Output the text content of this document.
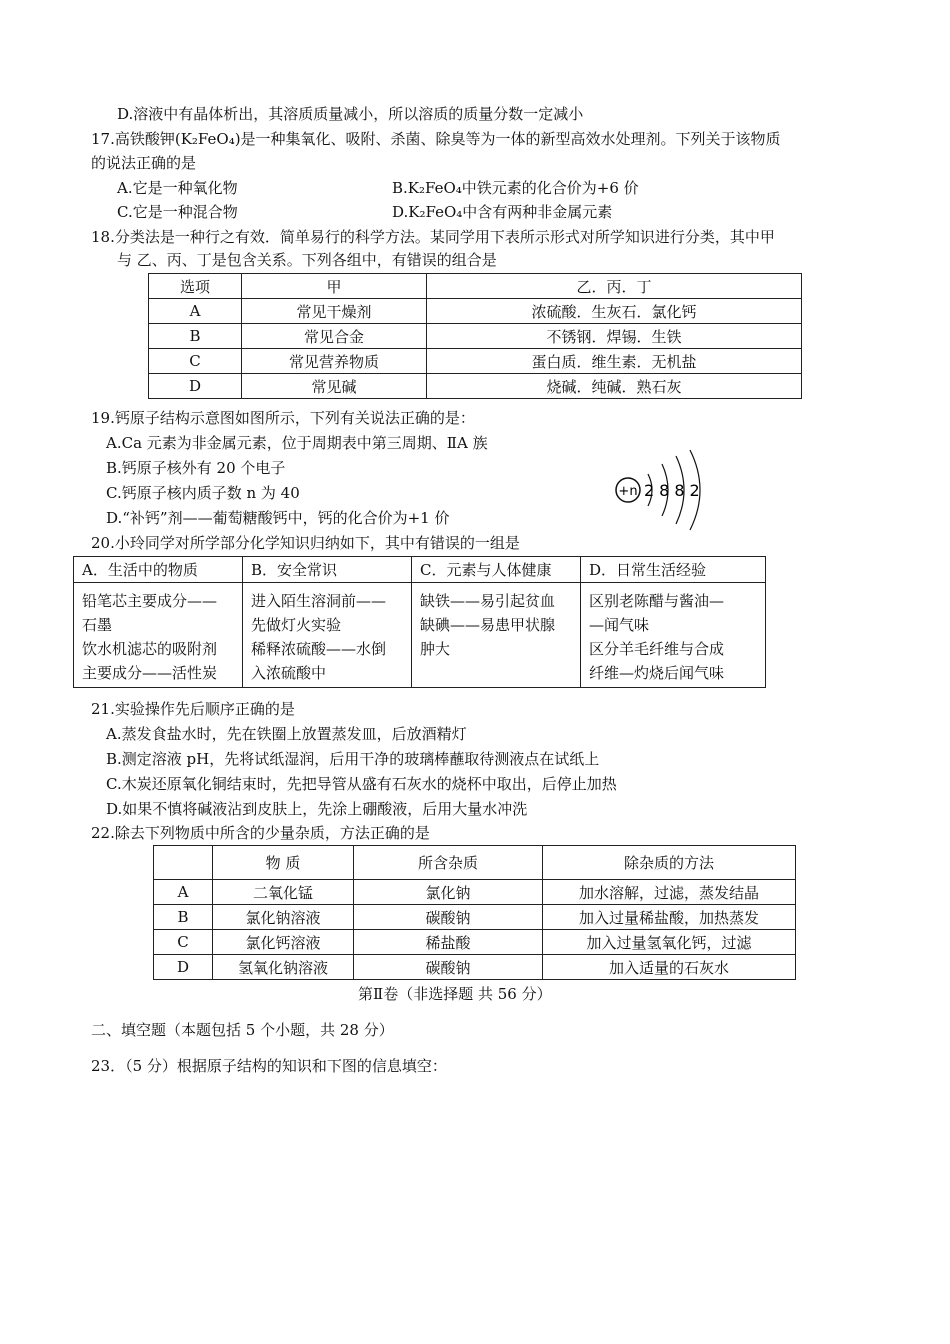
D.溶液中有晶体析出，其溶质质量减小，所以溶质的质量分数一定减小
17.高铁酸钾(K₂FeO₄)是一种集氧化、吸附、杀菌、除臭等为一体的新型高效水处理剂。下列关于该物质
的说法正确的是
A.它是一种氧化物	B.K₂FeO₄中铁元素的化合价为+6 价
C.它是一种混合物	D.K₂FeO₄中含有两种非金属元素
18.分类法是一种行之有效．简单易行的科学方法。某同学用下表所示形式对所学知识进行分类，其中甲
与 乙、丙、丁是包含关系。下列各组中，有错误的组合是
选项	甲	乙．丙．丁
A	常见干燥剂	浓硫酸．生灰石．氯化钙
B	常见合金	不锈钢．焊锡．生铁
C	常见营养物质	蛋白质．维生素．无机盐
D	常见碱	烧碱．纯碱．熟石灰
19.钙原子结构示意图如图所示，下列有关说法正确的是：
A.Ca 元素为非金属元素，位于周期表中第三周期、ⅡA 族
B.钙原子核外有 20 个电子
C.钙原子核内质子数 n 为 40
D.“补钙”剂——葡萄糖酸钙中，钙的化合价为+1 价
+n 2882
20.小玲同学对所学部分化学知识归纳如下，其中有错误的一组是
A．生活中的物质	B．安全常识	C．元素与人体健康	D．日常生活经验

铅笔芯主要成分——
石墨
饮水机滤芯的吸附剂
主要成分——活性炭	进入陌生溶洞前——
先做灯火实验
稀释浓硫酸——水倒
入浓硫酸中	缺铁——易引起贫血
缺碘——易患甲状腺
肿大	区别老陈醋与酱油—
—闻气味
区分羊毛纤维与合成
纤维—灼烧后闻气味
21.实验操作先后顺序正确的是
A.蒸发食盐水时，先在铁圈上放置蒸发皿，后放酒精灯
B.测定溶液 pH，先将试纸湿润，后用干净的玻璃棒蘸取待测液点在试纸上
C.木炭还原氧化铜结束时，先把导管从盛有石灰水的烧杯中取出，后停止加热
D.如果不慎将碱液沾到皮肤上，先涂上硼酸液，后用大量水冲洗
22.除去下列物质中所含的少量杂质，方法正确的是
	物 质	所含杂质	除杂质的方法
A	二氧化锰	氯化钠	加水溶解，过滤，蒸发结晶
B	氯化钠溶液	碳酸钠	加入过量稀盐酸，加热蒸发
C	氯化钙溶液	稀盐酸	加入过量氢氧化钙，过滤
D	氢氧化钠溶液	碳酸钠	加入适量的石灰水
第Ⅱ卷（非选择题 共 56 分）
二、填空题（本题包括 5 个小题，共 28 分）
23．（5 分）根据原子结构的知识和下图的信息填空：
